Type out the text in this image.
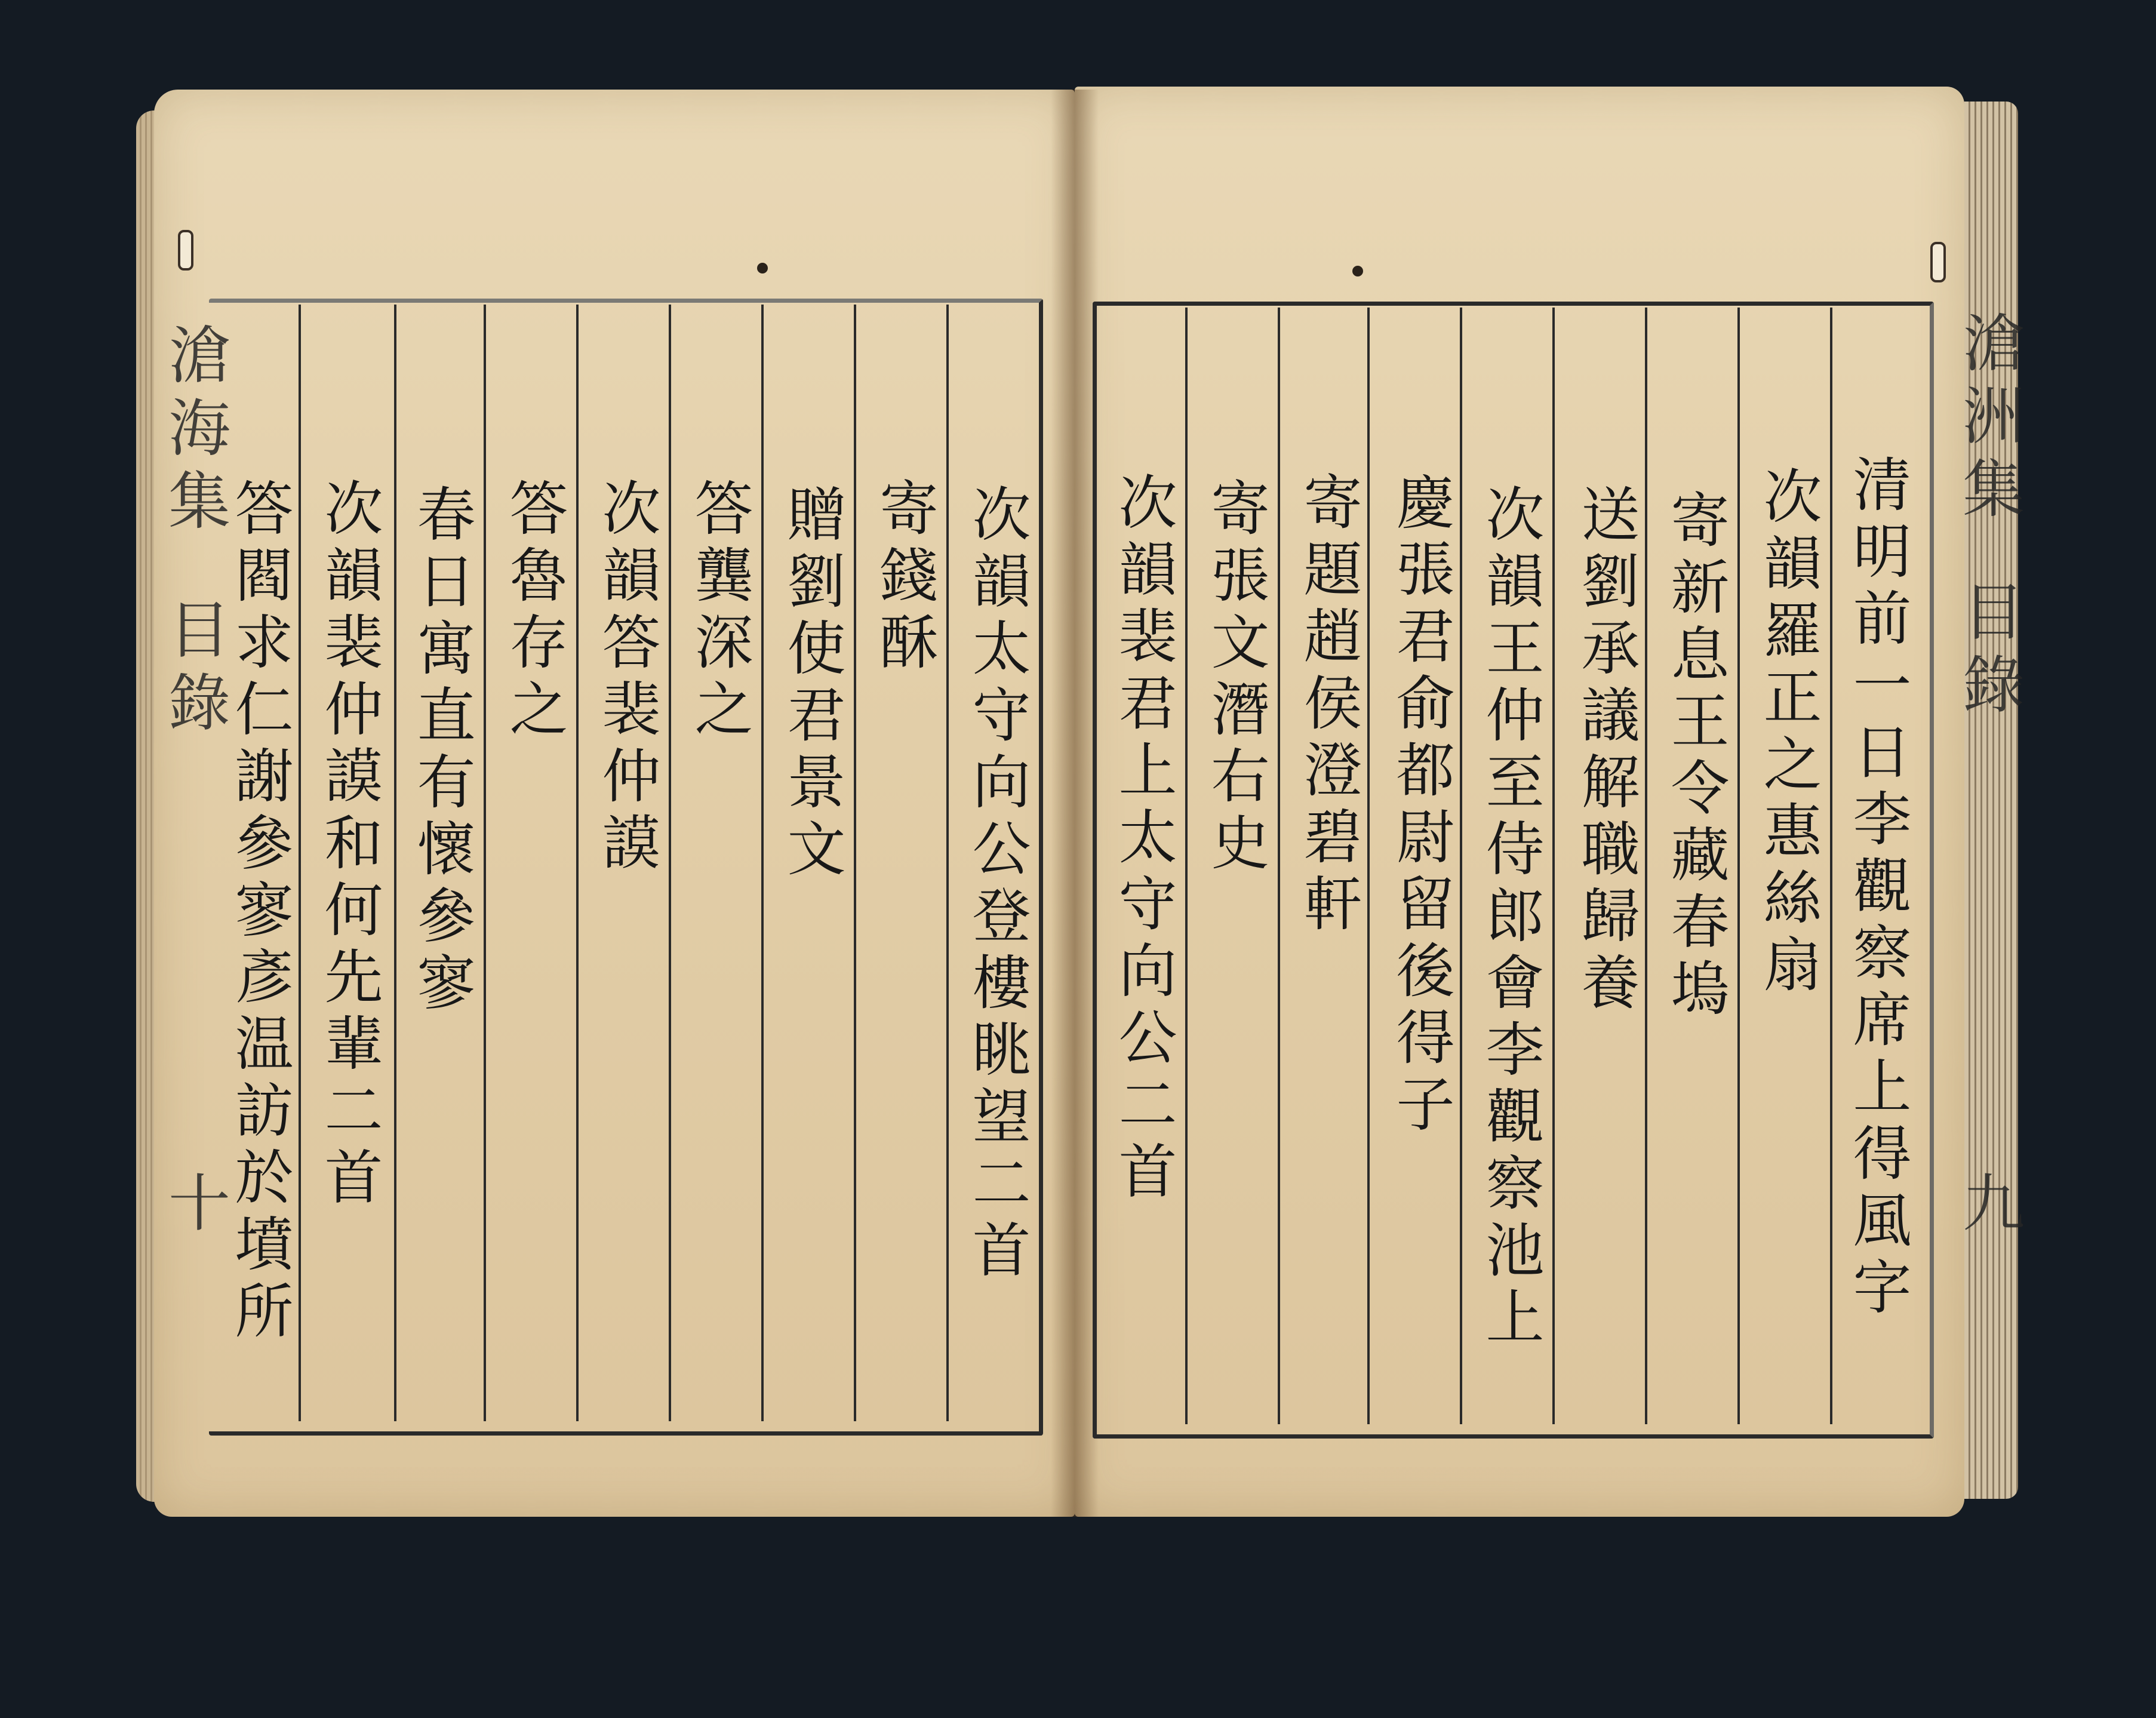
滄洲集
目錄
九
清明前一日李觀察席上得風字
次韻羅正之惠絲扇
寄新息王令藏春塢
送劉承議解職歸養
次韻王仲至侍郎會李觀察池上
慶張君俞都尉留後得子
寄題趙侯澄碧軒
寄張文潛右史
次韻裴君上太守向公二首
滄海集
目錄
十	次韻太守向公登樓眺望二首
寄錢酥
贈劉使君景文
答龔深之
次韻答裴仲謨
答魯存之
春日寓直有懷參寥
次韻裴仲謨和何先輩二首
答閻求仁謝參寥彥温訪於墳所
